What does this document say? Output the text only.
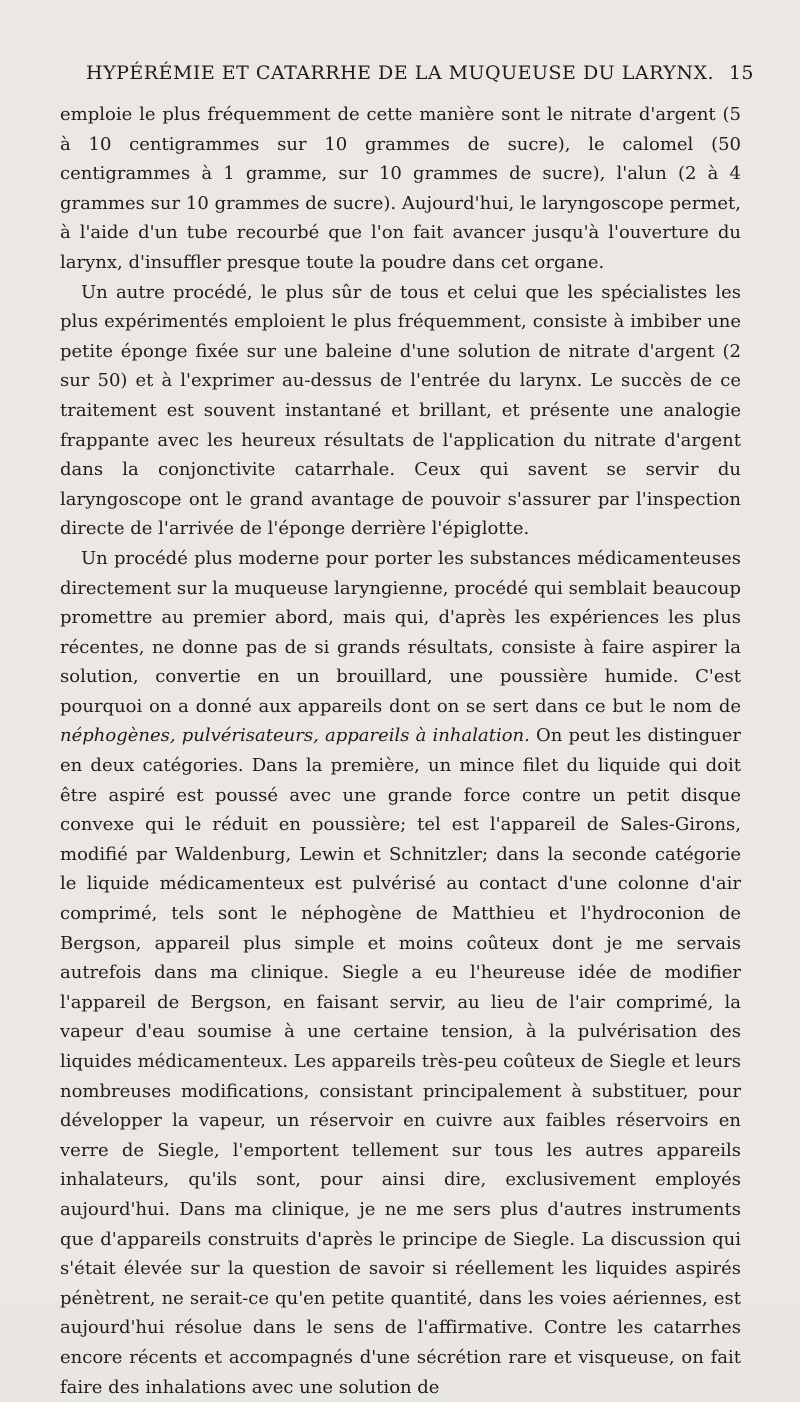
HYPÉRÉMIE ET CATARRHE DE LA MUQUEUSE DU LARYNX. 15

emploie le plus fréquemment de cette manière sont le nitrate d'argent (5 à 10 centigrammes sur 10 grammes de sucre), le calomel (50 centigrammes à 1 gramme, sur 10 grammes de sucre), l'alun (2 à 4 grammes sur 10 grammes de sucre). Aujourd'hui, le laryngoscope permet, à l'aide d'un tube recourbé que l'on fait avancer jusqu'à l'ouverture du larynx, d'insuffler presque toute la poudre dans cet organe.

Un autre procédé, le plus sûr de tous et celui que les spécialistes les plus expérimentés emploient le plus fréquemment, consiste à imbiber une petite éponge fixée sur une baleine d'une solution de nitrate d'argent (2 sur 50) et à l'exprimer au-dessus de l'entrée du larynx. Le succès de ce traitement est souvent instantané et brillant, et présente une analogie frappante avec les heureux résultats de l'application du nitrate d'argent dans la conjonctivite catarrhale. Ceux qui savent se servir du laryngoscope ont le grand avantage de pouvoir s'assurer par l'inspection directe de l'arrivée de l'éponge derrière l'épiglotte.

Un procédé plus moderne pour porter les substances médicamenteuses directement sur la muqueuse laryngienne, procédé qui semblait beaucoup promettre au premier abord, mais qui, d'après les expériences les plus récentes, ne donne pas de si grands résultats, consiste à faire aspirer la solution, convertie en un brouillard, une poussière humide. C'est pourquoi on a donné aux appareils dont on se sert dans ce but le nom de néphogènes, pulvérisateurs, appareils à inhalation. On peut les distinguer en deux catégories. Dans la première, un mince filet du liquide qui doit être aspiré est poussé avec une grande force contre un petit disque convexe qui le réduit en poussière; tel est l'appareil de Sales-Girons, modifié par Waldenburg, Lewin et Schnitzler; dans la seconde catégorie le liquide médicamenteux est pulvérisé au contact d'une colonne d'air comprimé, tels sont le néphogène de Matthieu et l'hydroconion de Bergson, appareil plus simple et moins coûteux dont je me servais autrefois dans ma clinique. Siegle a eu l'heureuse idée de modifier l'appareil de Bergson, en faisant servir, au lieu de l'air comprimé, la vapeur d'eau soumise à une certaine tension, à la pulvérisation des liquides médicamenteux. Les appareils très-peu coûteux de Siegle et leurs nombreuses modifications, consistant principalement à substituer, pour développer la vapeur, un réservoir en cuivre aux faibles réservoirs en verre de Siegle, l'emportent tellement sur tous les autres appareils inhalateurs, qu'ils sont, pour ainsi dire, exclusivement employés aujourd'hui. Dans ma clinique, je ne me sers plus d'autres instruments que d'appareils construits d'après le principe de Siegle. La discussion qui s'était élevée sur la question de savoir si réellement les liquides aspirés pénètrent, ne serait-ce qu'en petite quantité, dans les voies aériennes, est aujourd'hui résolue dans le sens de l'affirmative. Contre les catarrhes encore récents et accompagnés d'une sécrétion rare et visqueuse, on fait faire des inhalations avec une solution de
